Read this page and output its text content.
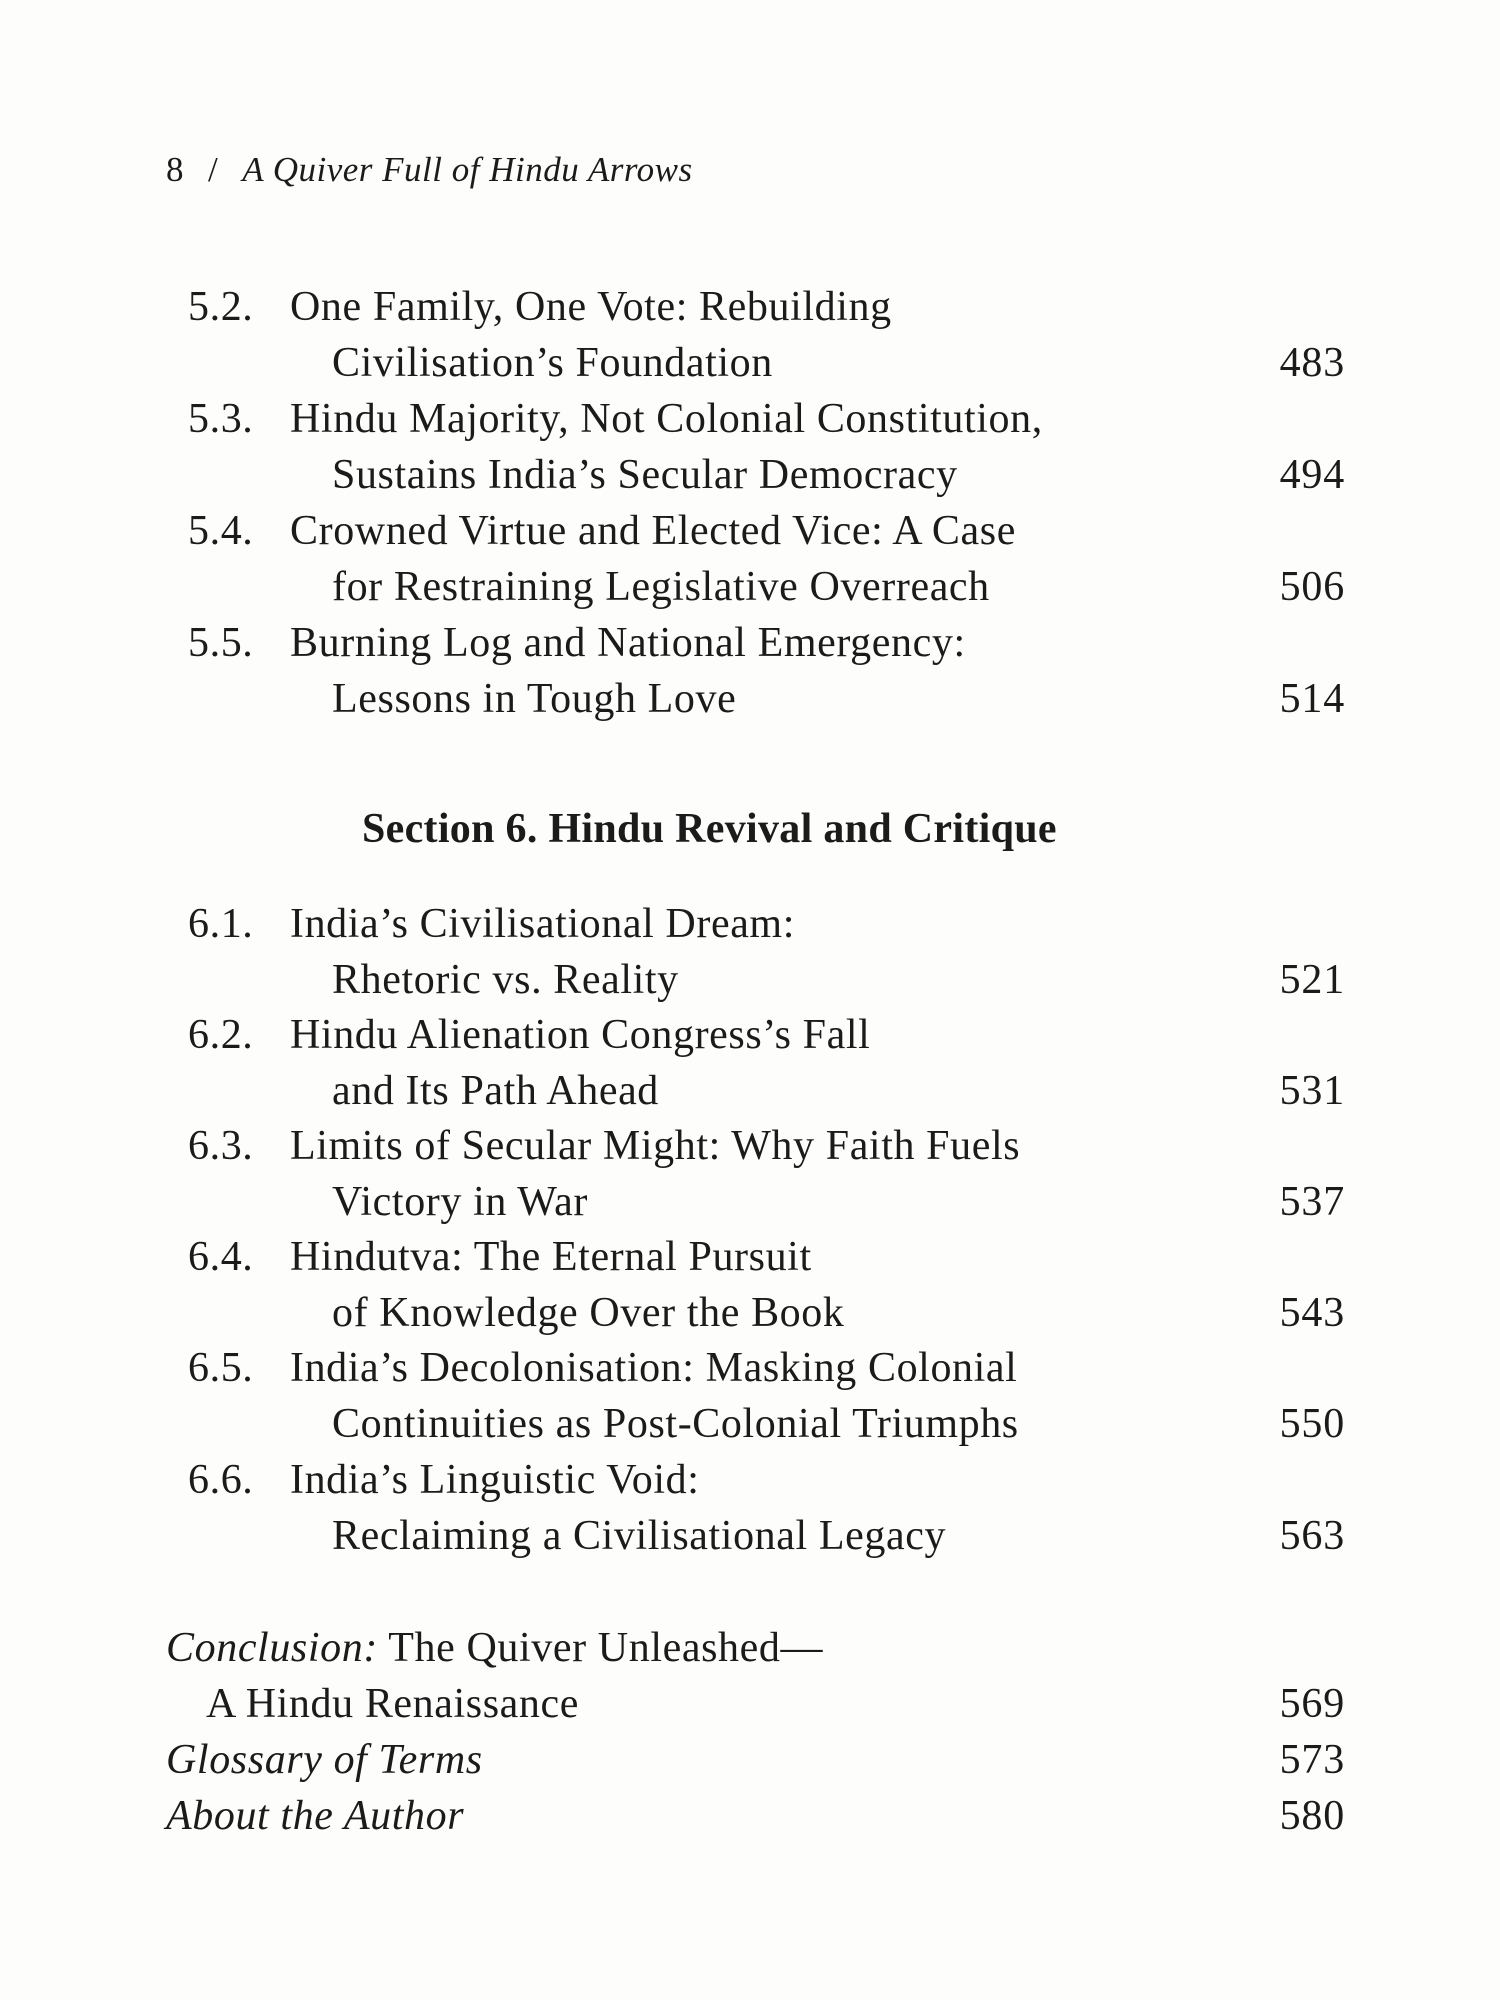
8 / A Quiver Full of Hindu Arrows
5.2. One Family, One Vote: Rebuilding
Civilisation’s Foundation	483
5.3. Hindu Majority, Not Colonial Constitution,
Sustains India’s Secular Democracy	494
5.4. Crowned Virtue and Elected Vice: A Case
for Restraining Legislative Overreach	506
5.5. Burning Log and National Emergency:
Lessons in Tough Love	514
Section 6. Hindu Revival and Critique
6.1. India’s Civilisational Dream:
Rhetoric vs. Reality	521
6.2. Hindu Alienation Congress’s Fall
and Its Path Ahead	531
6.3. Limits of Secular Might: Why Faith Fuels
Victory in War	537
6.4. Hindutva: The Eternal Pursuit
of Knowledge Over the Book	543
6.5. India’s Decolonisation: Masking Colonial
Continuities as Post-Colonial Triumphs	550
6.6. India’s Linguistic Void:
Reclaiming a Civilisational Legacy	563
Conclusion: The Quiver Unleashed—
A Hindu Renaissance	569
Glossary of Terms	573
About the Author	580
